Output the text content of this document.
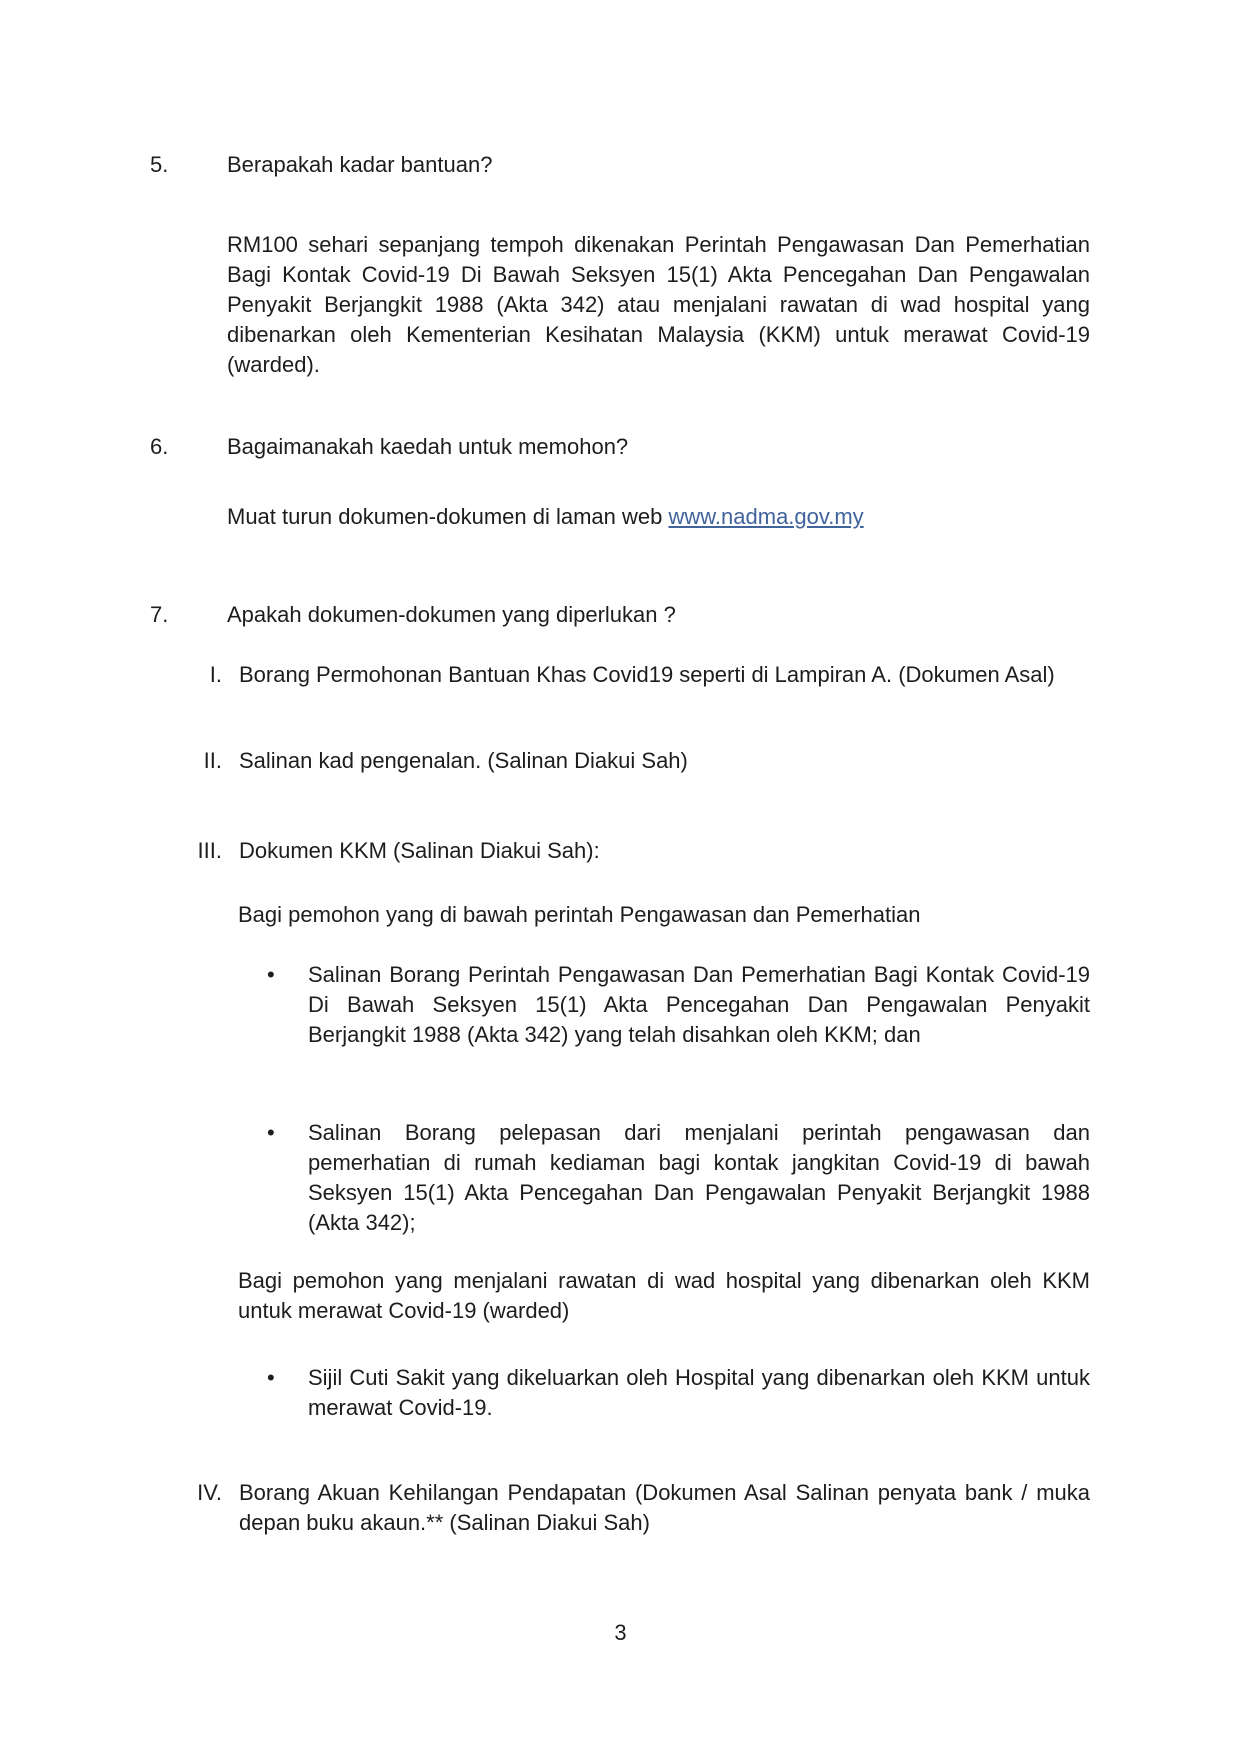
5.	Berapakah kadar bantuan?
RM100 sehari sepanjang tempoh dikenakan Perintah Pengawasan Dan Pemerhatian Bagi Kontak Covid-19 Di Bawah Seksyen 15(1) Akta Pencegahan Dan Pengawalan Penyakit Berjangkit 1988 (Akta 342) atau menjalani rawatan di wad hospital yang dibenarkan oleh Kementerian Kesihatan Malaysia (KKM) untuk merawat Covid-19 (warded).
6.	Bagaimanakah kaedah untuk memohon?
Muat turun dokumen-dokumen di laman web www.nadma.gov.my
7.	Apakah dokumen-dokumen yang diperlukan ?
I. Borang Permohonan Bantuan Khas Covid19 seperti di Lampiran A. (Dokumen Asal)
II. Salinan kad pengenalan. (Salinan Diakui Sah)
III. Dokumen KKM (Salinan Diakui Sah):
Bagi pemohon yang di bawah perintah Pengawasan dan Pemerhatian
•	Salinan Borang Perintah Pengawasan Dan Pemerhatian Bagi Kontak Covid-19 Di Bawah Seksyen 15(1) Akta Pencegahan Dan Pengawalan Penyakit Berjangkit 1988 (Akta 342) yang telah disahkan oleh KKM; dan
•	Salinan Borang pelepasan dari menjalani perintah pengawasan dan pemerhatian di rumah kediaman bagi kontak jangkitan Covid-19 di bawah Seksyen 15(1) Akta Pencegahan Dan Pengawalan Penyakit Berjangkit 1988 (Akta 342);
Bagi pemohon yang menjalani rawatan di wad hospital yang dibenarkan oleh KKM untuk merawat Covid-19 (warded)
•	Sijil Cuti Sakit yang dikeluarkan oleh Hospital yang dibenarkan oleh KKM untuk merawat Covid-19.
IV. Borang Akuan Kehilangan Pendapatan (Dokumen Asal Salinan penyata bank / muka depan buku akaun.** (Salinan Diakui Sah)
3
